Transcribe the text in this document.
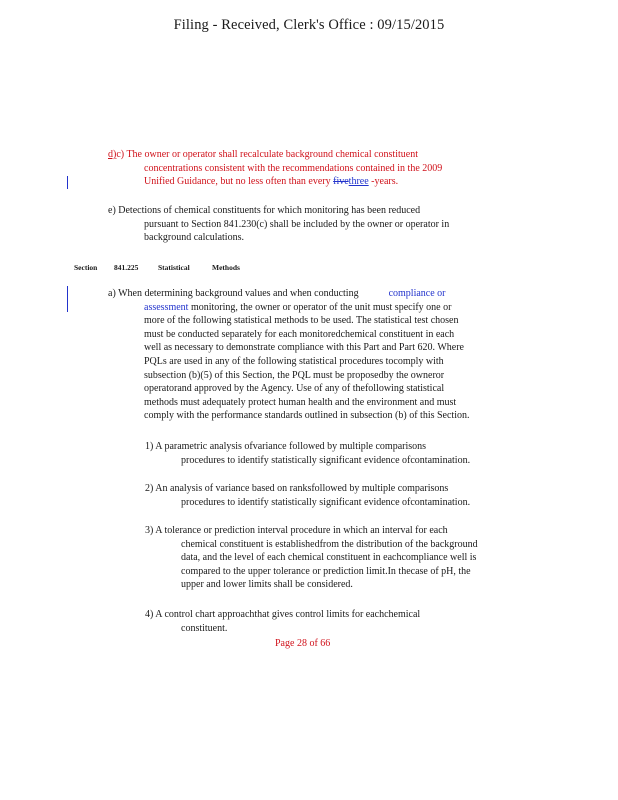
Filing - Received, Clerk's Office : 09/15/2015
d)c) The owner or operator shall recalculate background chemical constituent
concentrations consistent with the recommendations contained in the 2009
Unified Guidance, but no less often than every fivethree -years.
e) Detections of chemical constituents for which monitoring has been reduced
pursuant to Section 841.230(c) shall be included by the owner or operator in
background calculations.
Section 841.225	Statistical	Methods
a) When determining background values and when conducting	compliance or
assessment monitoring, the owner or operator of the unit must specify one or
more of the following statistical methods to be used. The statistical test chosen
must be conducted separately for each monitoredchemical constituent in each
well as necessary to demonstrate compliance with this Part and Part 620. Where
PQLs are used in any of the following statistical procedures tocomply with
subsection (b)(5) of this Section, the PQL must be proposedby the owneror
operatorand approved by the Agency. Use of any of thefollowing statistical
methods must adequately protect human health and the environment and must
comply with the performance standards outlined in subsection (b) of this Section.
1) A parametric analysis ofvariance followed by multiple comparisons
procedures to identify statistically significant evidence ofcontamination.
2) An analysis of variance based on ranksfollowed by multiple comparisons
procedures to identify statistically significant evidence ofcontamination.
3) A tolerance or prediction interval procedure in which an interval for each
chemical constituent is establishedfrom the distribution of the background
data, and the level of each chemical constituent in eachcompliance well is
compared to the upper tolerance or prediction limit.In thecase of pH, the
upper and lower limits shall be considered.
4) A control chart approachthat gives control limits for eachchemical
constituent.
Page 28 of 66
